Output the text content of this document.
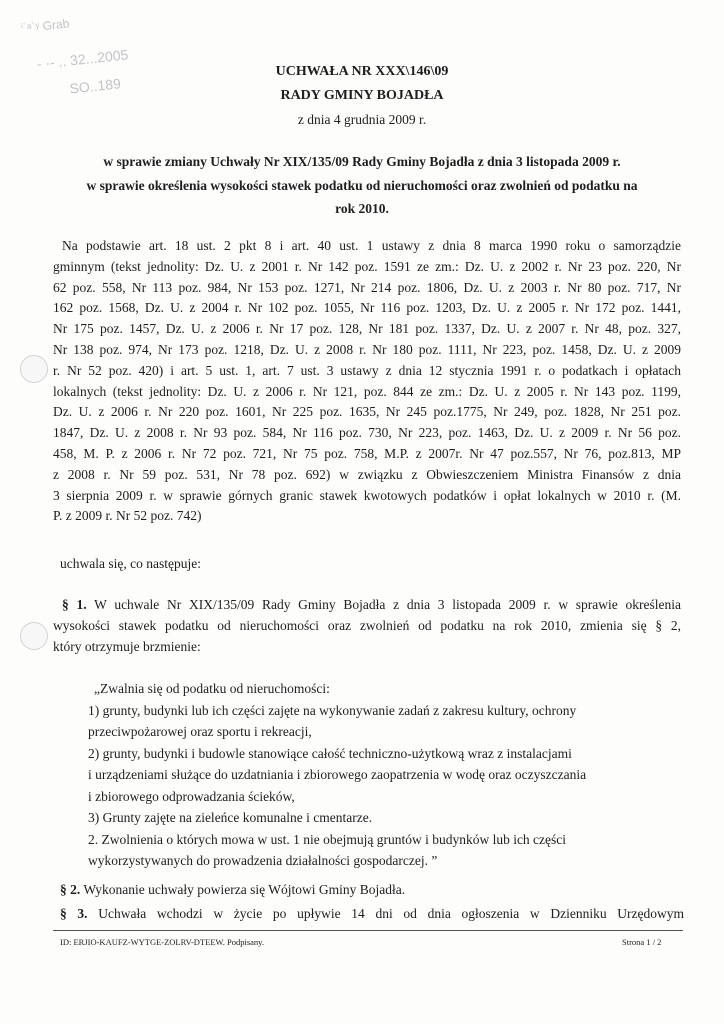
ⁱ˙ᵃ˙ʸ Grab
- ·- .. 32...2005
SO..189
UCHWAŁA NR XXX\146\09
RADY GMINY BOJADŁA
z dnia 4 grudnia 2009 r.
w sprawie zmiany Uchwały Nr XIX/135/09 Rady Gminy Bojadła z dnia 3 listopada 2009 r.
w sprawie określenia wysokości stawek podatku od nieruchomości oraz zwolnień od podatku na
rok 2010.
Na podstawie art. 18 ust. 2 pkt 8 i art. 40 ust. 1 ustawy z dnia 8 marca 1990 roku o samorządzie
gminnym (tekst jednolity: Dz. U. z 2001 r. Nr 142 poz. 1591 ze zm.: Dz. U. z 2002 r. Nr 23 poz. 220, Nr
62 poz. 558, Nr 113 poz. 984, Nr 153 poz. 1271, Nr 214 poz. 1806, Dz. U. z 2003 r. Nr 80 poz. 717, Nr
162 poz. 1568, Dz. U. z 2004 r. Nr 102 poz. 1055, Nr 116 poz. 1203, Dz. U. z 2005 r. Nr 172 poz. 1441,
Nr 175 poz. 1457, Dz. U. z 2006 r. Nr 17 poz. 128, Nr 181 poz. 1337, Dz. U. z 2007 r. Nr 48, poz. 327,
Nr 138 poz. 974, Nr 173 poz. 1218, Dz. U. z 2008 r. Nr 180 poz. 1111, Nr 223, poz. 1458, Dz. U. z 2009
r. Nr 52 poz. 420) i art. 5 ust. 1, art. 7 ust. 3 ustawy z dnia 12 stycznia 1991 r. o podatkach i opłatach
lokalnych (tekst jednolity: Dz. U. z 2006 r. Nr 121, poz. 844 ze zm.: Dz. U. z 2005 r. Nr 143 poz. 1199,
Dz. U. z 2006 r. Nr 220 poz. 1601, Nr 225 poz. 1635, Nr 245 poz.1775, Nr 249, poz. 1828, Nr 251 poz.
1847, Dz. U. z 2008 r. Nr 93 poz. 584, Nr 116 poz. 730, Nr 223, poz. 1463, Dz. U. z 2009 r. Nr 56 poz.
458, M. P. z 2006 r. Nr 72 poz. 721, Nr 75 poz. 758, M.P. z 2007r. Nr 47 poz.557, Nr 76, poz.813, MP
z 2008 r. Nr 59 poz. 531, Nr 78 poz. 692) w związku z Obwieszczeniem Ministra Finansów z dnia
3 sierpnia 2009 r. w sprawie górnych granic stawek kwotowych podatków i opłat lokalnych w 2010 r. (M.
P. z 2009 r. Nr 52 poz. 742)
uchwala się, co następuje:
§ 1. W uchwale Nr XIX/135/09 Rady Gminy Bojadła z dnia 3 listopada 2009 r. w sprawie określenia
wysokości stawek podatku od nieruchomości oraz zwolnień od podatku na rok 2010, zmienia się § 2,
który otrzymuje brzmienie:
„Zwalnia się od podatku od nieruchomości:
1) grunty, budynki lub ich części zajęte na wykonywanie zadań z zakresu kultury, ochrony
przeciwpożarowej oraz sportu i rekreacji,
2) grunty, budynki i budowle stanowiące całość techniczno-użytkową wraz z instalacjami
i urządzeniami służące do uzdatniania i zbiorowego zaopatrzenia w wodę oraz oczyszczania
i zbiorowego odprowadzania ścieków,
3) Grunty zajęte na zieleńce komunalne i cmentarze.
2. Zwolnienia o których mowa w ust. 1 nie obejmują gruntów i budynków lub ich części
wykorzystywanych do prowadzenia działalności gospodarczej. ”
§ 2. Wykonanie uchwały powierza się Wójtowi Gminy Bojadła.
§ 3. Uchwała wchodzi w życie po upływie 14 dni od dnia ogłoszenia w Dzienniku Urzędowym
ID: ERJIO-KAUFZ-WYTGE-ZOLRV-DTEEW. Podpisany.	Strona 1 / 2
